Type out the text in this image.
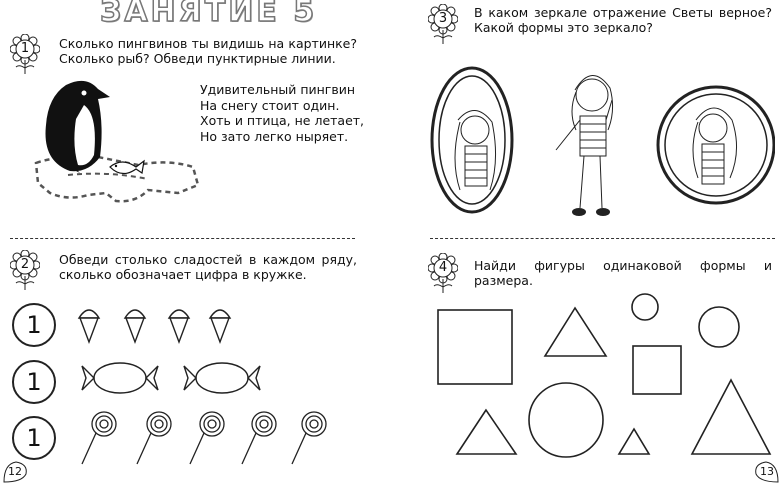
ЗАНЯТИЕ 5
1	Сколько пингвинов ты видишь на картинке? Сколько рыб? Обведи пунктирные линии.
Удивительный пингвин
На снегу стоит один.
Хоть и птица, не летает,
Но зато легко ныряет.
2	Обведи столько сладостей в каждом ряду, сколько обозначает цифра в кружке.
1
1
1
12
3	В каком зеркале отражение Светы верное? Какой формы это зеркало?
4	Найди фигуры одинаковой формы и размера.
13
